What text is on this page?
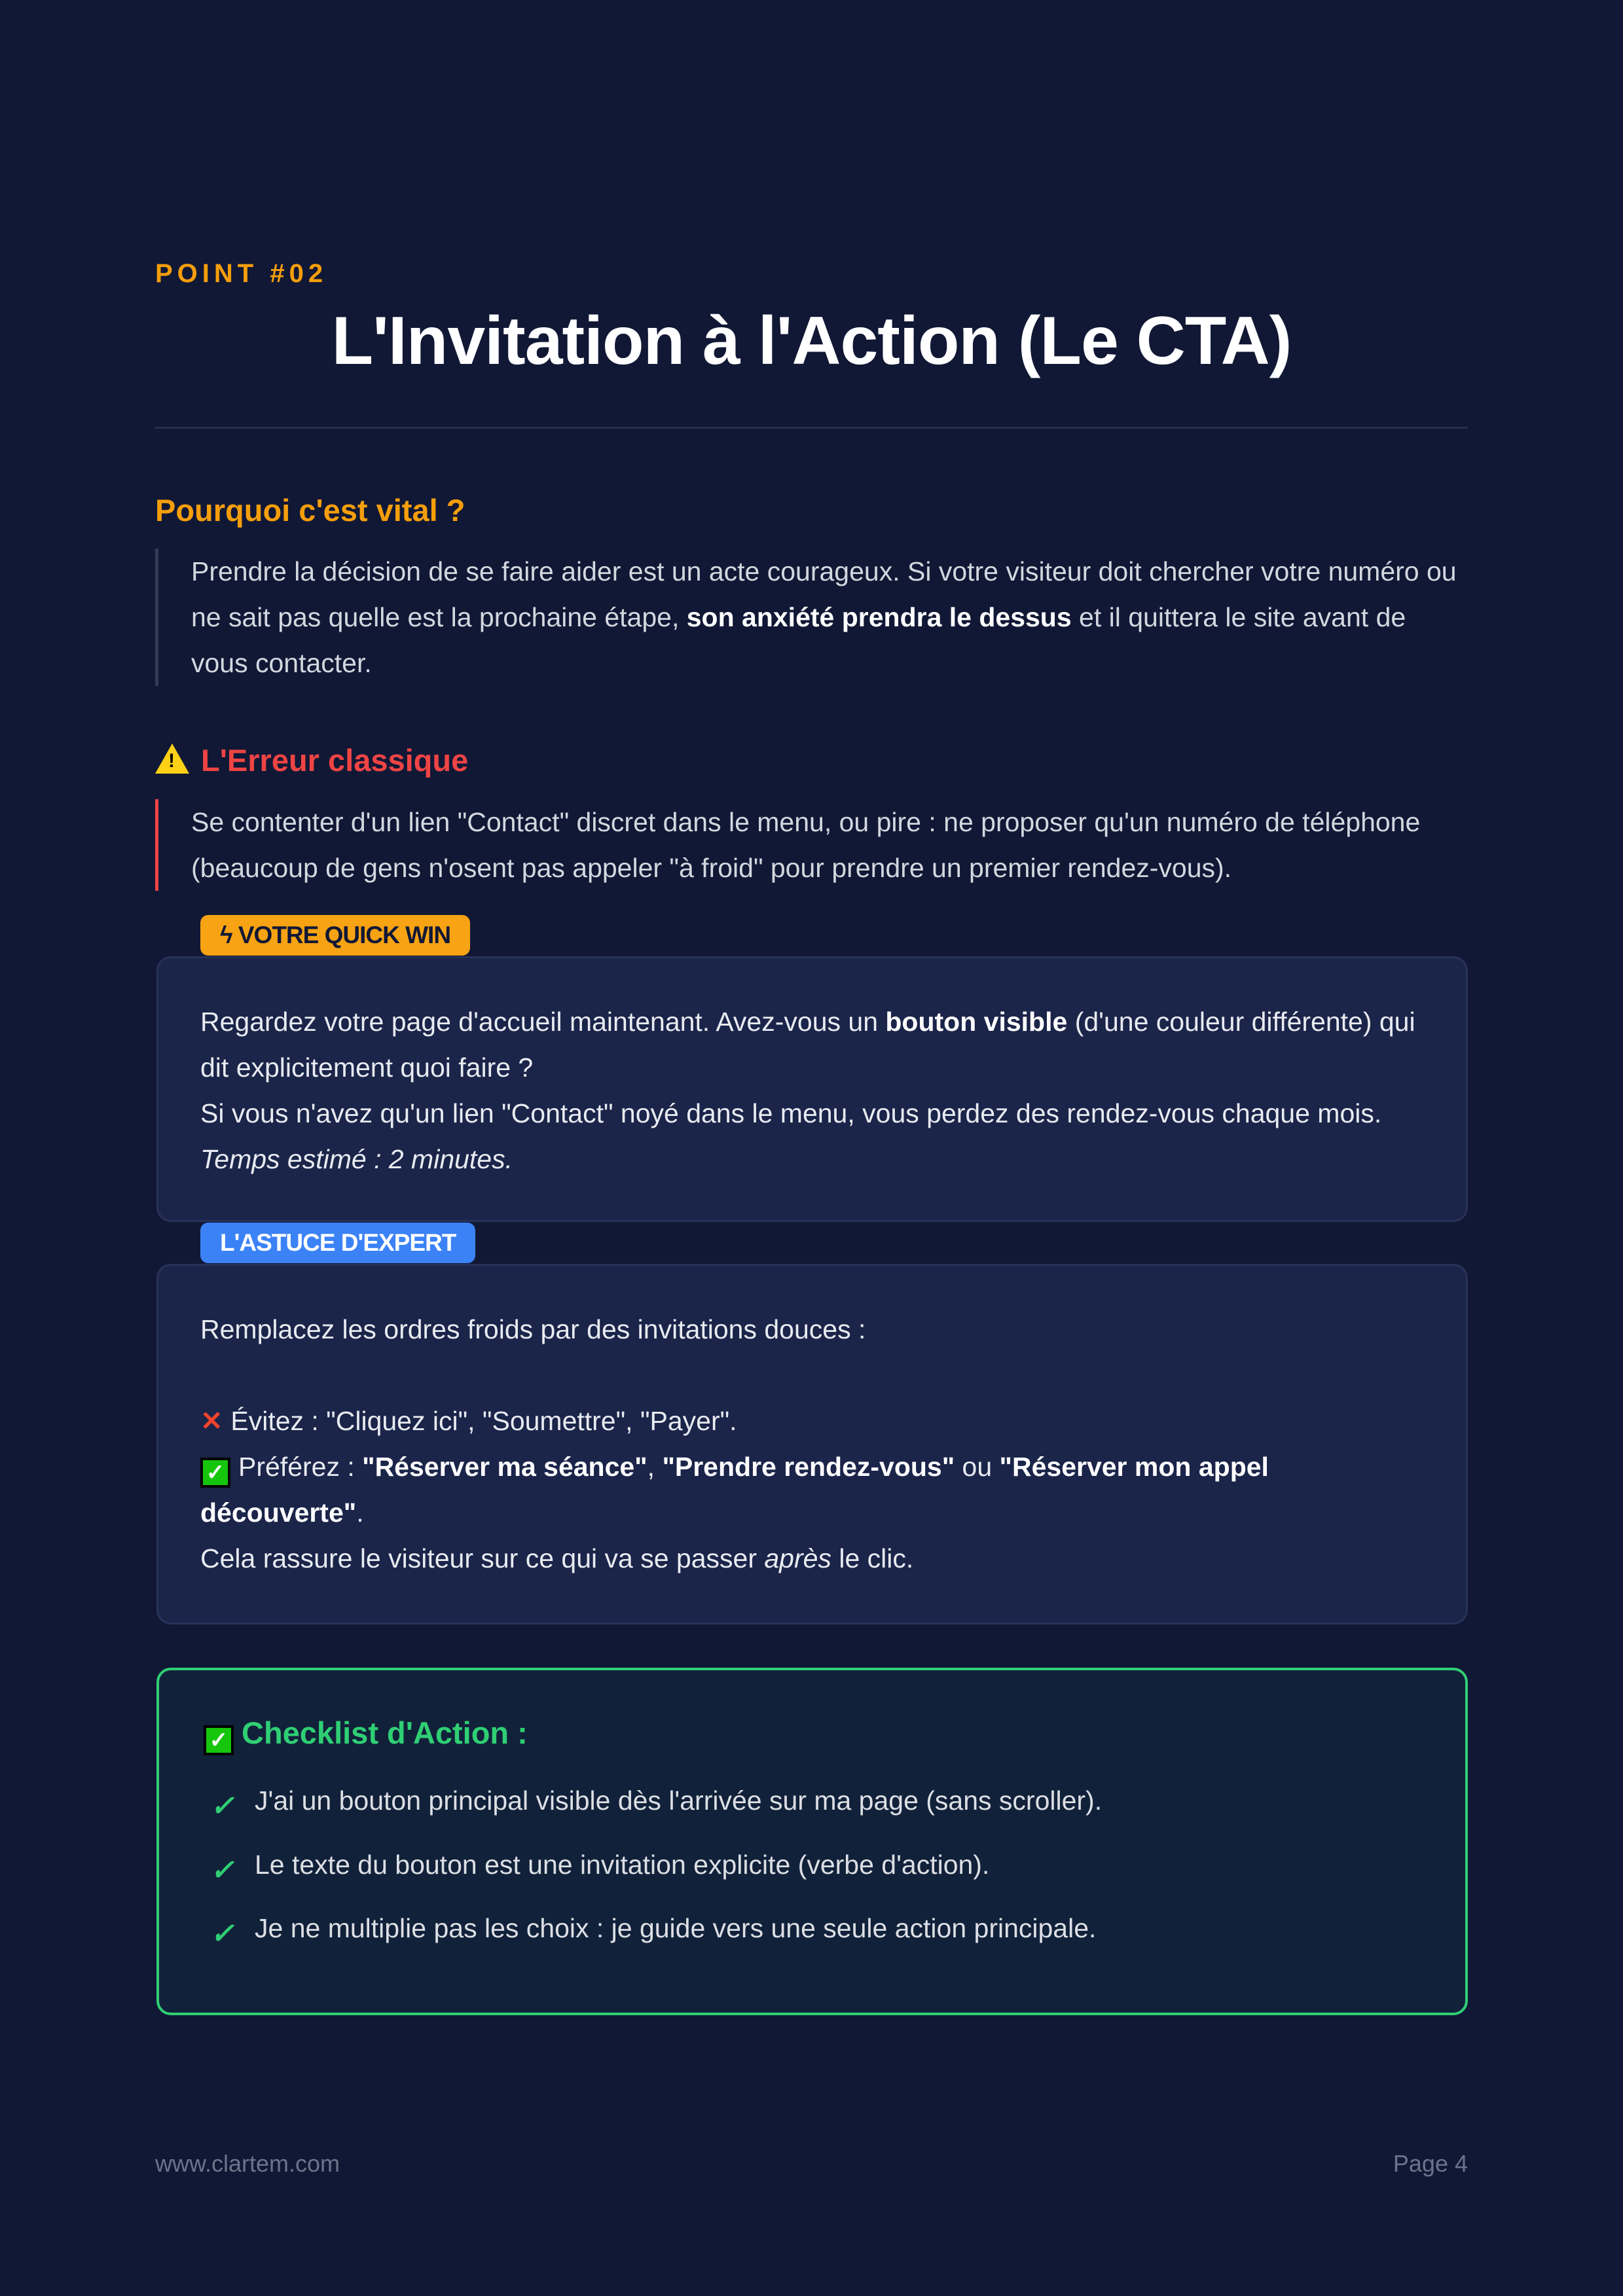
POINT #02
L'Invitation à l'Action (Le CTA)
Pourquoi c'est vital ?
Prendre la décision de se faire aider est un acte courageux. Si votre visiteur doit chercher votre numéro ou ne sait pas quelle est la prochaine étape, son anxiété prendra le dessus et il quittera le site avant de vous contacter.
! L'Erreur classique
Se contenter d'un lien "Contact" discret dans le menu, ou pire : ne proposer qu'un numéro de téléphone (beaucoup de gens n'osent pas appeler "à froid" pour prendre un premier rendez-vous).
ϟ VOTRE QUICK WIN
Regardez votre page d'accueil maintenant. Avez-vous un bouton visible (d'une couleur différente) qui dit explicitement quoi faire ?
Si vous n'avez qu'un lien "Contact" noyé dans le menu, vous perdez des rendez-vous chaque mois.
Temps estimé : 2 minutes.
L'ASTUCE D'EXPERT
Remplacez les ordres froids par des invitations douces :
✕ Évitez : "Cliquez ici", "Soumettre", "Payer".
✓ Préférez : "Réserver ma séance", "Prendre rendez-vous" ou "Réserver mon appel découverte".
Cela rassure le visiteur sur ce qui va se passer après le clic.
✓ Checklist d'Action :
✓ J'ai un bouton principal visible dès l'arrivée sur ma page (sans scroller).
✓ Le texte du bouton est une invitation explicite (verbe d'action).
✓ Je ne multiplie pas les choix : je guide vers une seule action principale.
www.clartem.com	Page 4
